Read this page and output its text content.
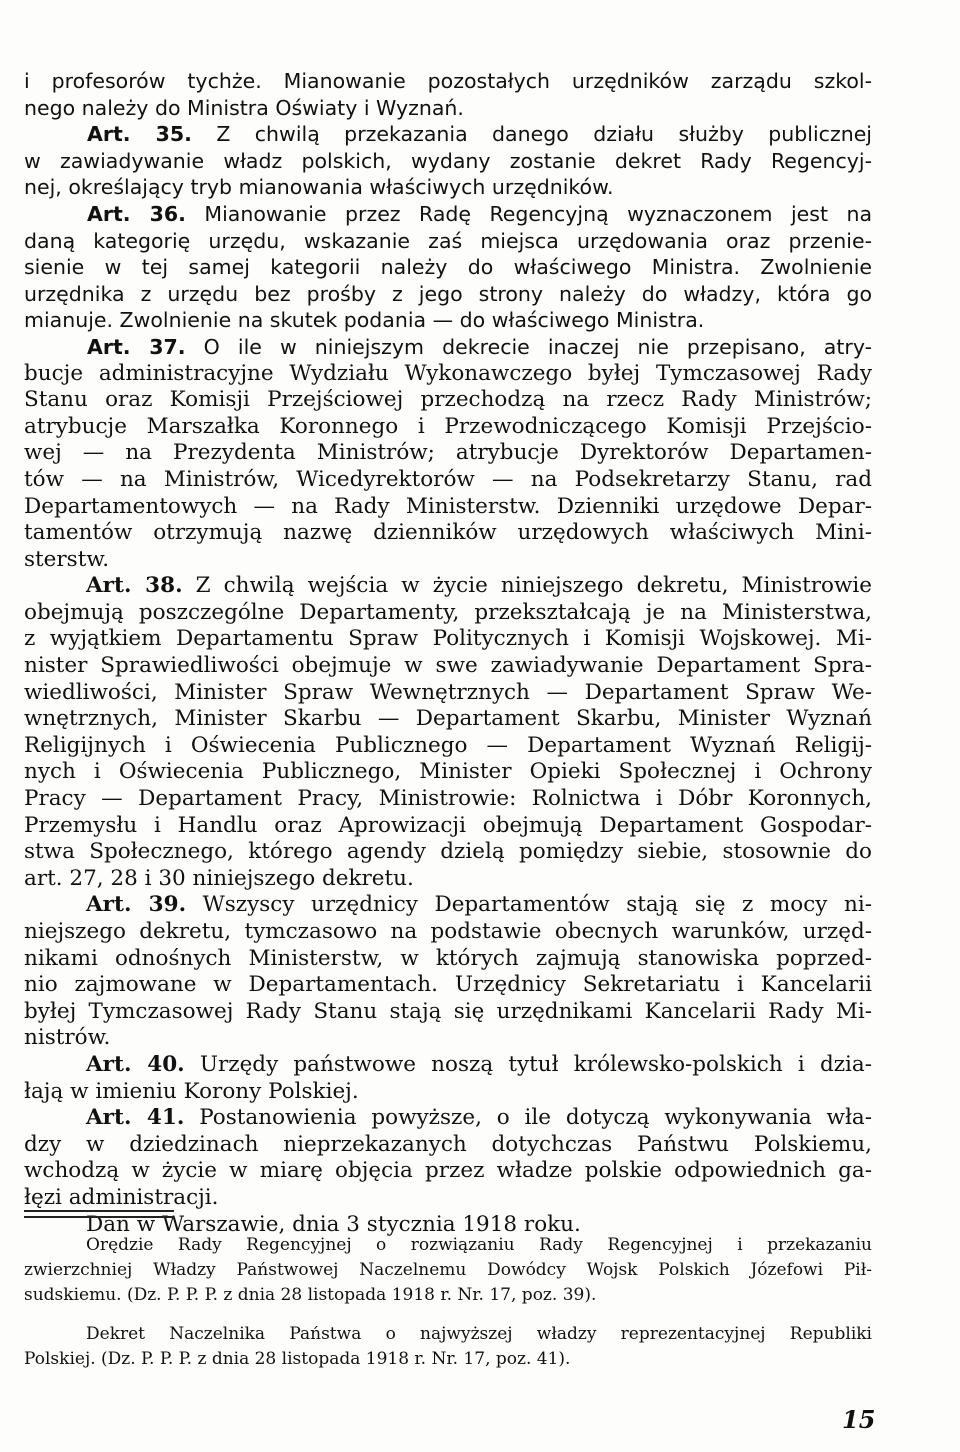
i profesorów tychże. Mianowanie pozostałych urzędników zarządu szkol-
nego należy do Ministra Oświaty i Wyznań.
Art. 35. Z chwilą przekazania danego działu służby publicznej
w zawiadywanie władz polskich, wydany zostanie dekret Rady Regencyj-
nej, określający tryb mianowania właściwych urzędników.
Art. 36. Mianowanie przez Radę Regencyjną wyznaczonem jest na
daną kategorię urzędu, wskazanie zaś miejsca urzędowania oraz przenie-
sienie w tej samej kategorii należy do właściwego Ministra. Zwolnienie
urzędnika z urzędu bez prośby z jego strony należy do władzy, która go
mianuje. Zwolnienie na skutek podania — do właściwego Ministra.
Art. 37. O ile w niniejszym dekrecie inaczej nie przepisano, atry-
bucje administracyjne Wydziału Wykonawczego byłej Tymczasowej Rady
Stanu oraz Komisji Przejściowej przechodzą na rzecz Rady Ministrów;
atrybucje Marszałka Koronnego i Przewodniczącego Komisji Przejścio-
wej — na Prezydenta Ministrów; atrybucje Dyrektorów Departamen-
tów — na Ministrów, Wicedyrektorów — na Podsekretarzy Stanu, rad
Departamentowych — na Rady Ministerstw. Dzienniki urzędowe Depar-
tamentów otrzymują nazwę dzienników urzędowych właściwych Mini-
sterstw.
Art. 38. Z chwilą wejścia w życie niniejszego dekretu, Ministrowie
obejmują poszczególne Departamenty, przekształcają je na Ministerstwa,
z wyjątkiem Departamentu Spraw Politycznych i Komisji Wojskowej. Mi-
nister Sprawiedliwości obejmuje w swe zawiadywanie Departament Spra-
wiedliwości, Minister Spraw Wewnętrznych — Departament Spraw We-
wnętrznych, Minister Skarbu — Departament Skarbu, Minister Wyznań
Religijnych i Oświecenia Publicznego — Departament Wyznań Religij-
nych i Oświecenia Publicznego, Minister Opieki Społecznej i Ochrony
Pracy — Departament Pracy, Ministrowie: Rolnictwa i Dóbr Koronnych,
Przemysłu i Handlu oraz Aprowizacji obejmują Departament Gospodar-
stwa Społecznego, którego agendy dzielą pomiędzy siebie, stosownie do
art. 27, 28 i 30 niniejszego dekretu.
Art. 39. Wszyscy urzędnicy Departamentów stają się z mocy ni-
niejszego dekretu, tymczasowo na podstawie obecnych warunków, urzęd-
nikami odnośnych Ministerstw, w których zajmują stanowiska poprzed-
nio zajmowane w Departamentach. Urzędnicy Sekretariatu i Kancelarii
byłej Tymczasowej Rady Stanu stają się urzędnikami Kancelarii Rady Mi-
nistrów.
Art. 40. Urzędy państwowe noszą tytuł królewsko-polskich i dzia-
łają w imieniu Korony Polskiej.
Art. 41. Postanowienia powyższe, o ile dotyczą wykonywania wła-
dzy w dziedzinach nieprzekazanych dotychczas Państwu Polskiemu,
wchodzą w życie w miarę objęcia przez władze polskie odpowiednich ga-
łęzi administracji.
Dan w Warszawie, dnia 3 stycznia 1918 roku.
Orędzie Rady Regencyjnej o rozwiązaniu Rady Regencyjnej i przekazaniu
zwierzchniej Władzy Państwowej Naczelnemu Dowódcy Wojsk Polskich Józefowi Pił-
sudskiemu. (Dz. P. P. P. z dnia 28 listopada 1918 r. Nr. 17, poz. 39).
Dekret Naczelnika Państwa o najwyższej władzy reprezentacyjnej Republiki
Polskiej. (Dz. P. P. P. z dnia 28 listopada 1918 r. Nr. 17, poz. 41).
15
